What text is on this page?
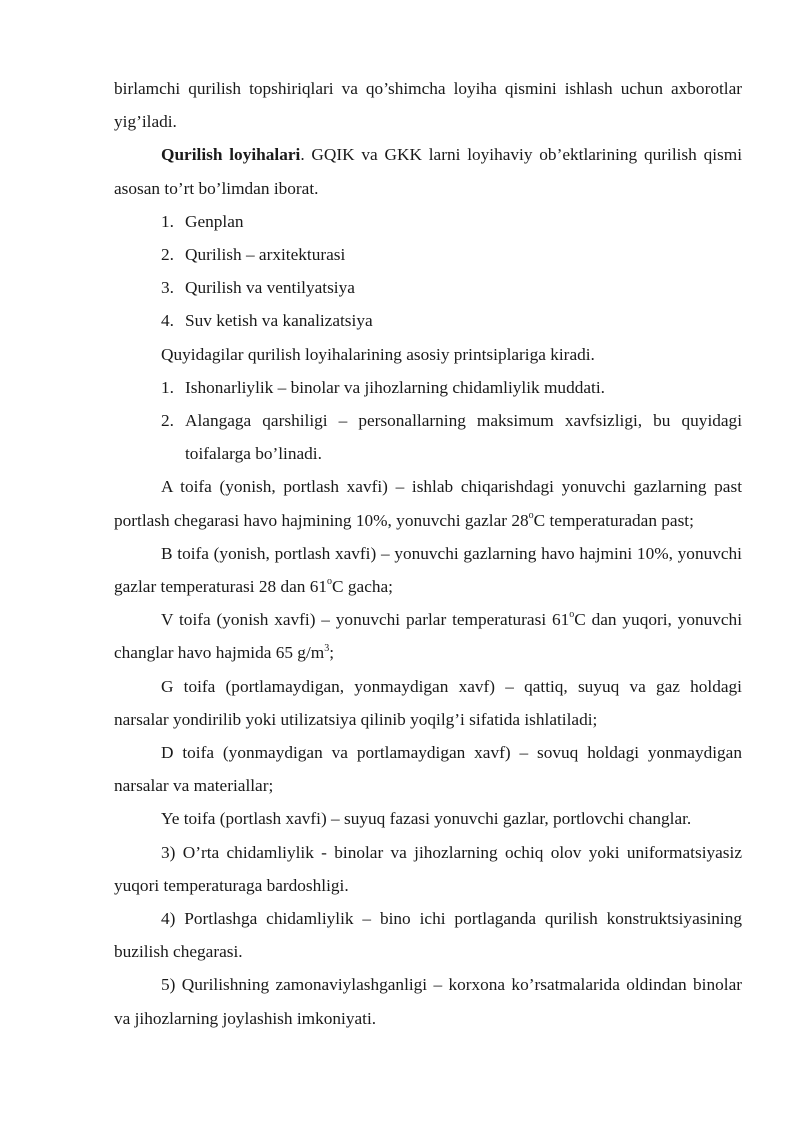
birlamchi qurilish topshiriqlari va qo’shimcha loyiha qismini ishlash uchun axborotlar yig’iladi.

Qurilish loyihalari. GQIK va GKK larni loyihaviy ob’ektlarining qurilish qismi asosan to’rt bo’limdan iborat.

1. Genplan
2. Qurilish – arxitekturasi
3. Qurilish va ventilyatsiya
4. Suv ketish va kanalizatsiya

Quyidagilar qurilish loyihalarining asosiy printsiplariga kiradi.

1. Ishonarliylik – binolar va jihozlarning chidamliylik muddati.
2. Alangaga qarshiligi – personallarning maksimum xavfsizligi, bu quyidagi toifalarga bo’linadi.

A toifa (yonish, portlash xavfi) – ishlab chiqarishdagi yonuvchi gazlarning past portlash chegarasi havo hajmining 10%, yonuvchi gazlar 28$^o$C temperaturadan past;

B toifa (yonish, portlash xavfi) – yonuvchi gazlarning havo hajmini 10%, yonuvchi gazlar temperaturasi 28 dan 61$^o$C gacha;

V toifa (yonish xavfi) – yonuvchi parlar temperaturasi 61$^o$C dan yuqori, yonuvchi changlar havo hajmida 65 $g/m^3$;

G toifa (portlamaydigan, yonmaydigan xavf) – qattiq, suyuq va gaz holdagi narsalar yondirilib yoki utilizatsiya qilinib yoqilg’i sifatida ishlatiladi;

D toifa (yonmaydigan va portlamaydigan xavf) – sovuq holdagi yonmaydigan narsalar va materiallar;

Ye toifa (portlash xavfi) – suyuq fazasi yonuvchi gazlar, portlovchi changlar.

3) O’rta chidamliylik - binolar va jihozlarning ochiq olov yoki uniformatsiyasiz yuqori temperaturaga bardoshligi.

4) Portlashga chidamliylik – bino ichi portlaganda qurilish konstruktsiyasining buzilish chegarasi.

5) Qurilishning zamonaviylashganligi – korxona ko’rsatmalarida oldindan binolar va jihozlarning joylashish imkoniyati.
